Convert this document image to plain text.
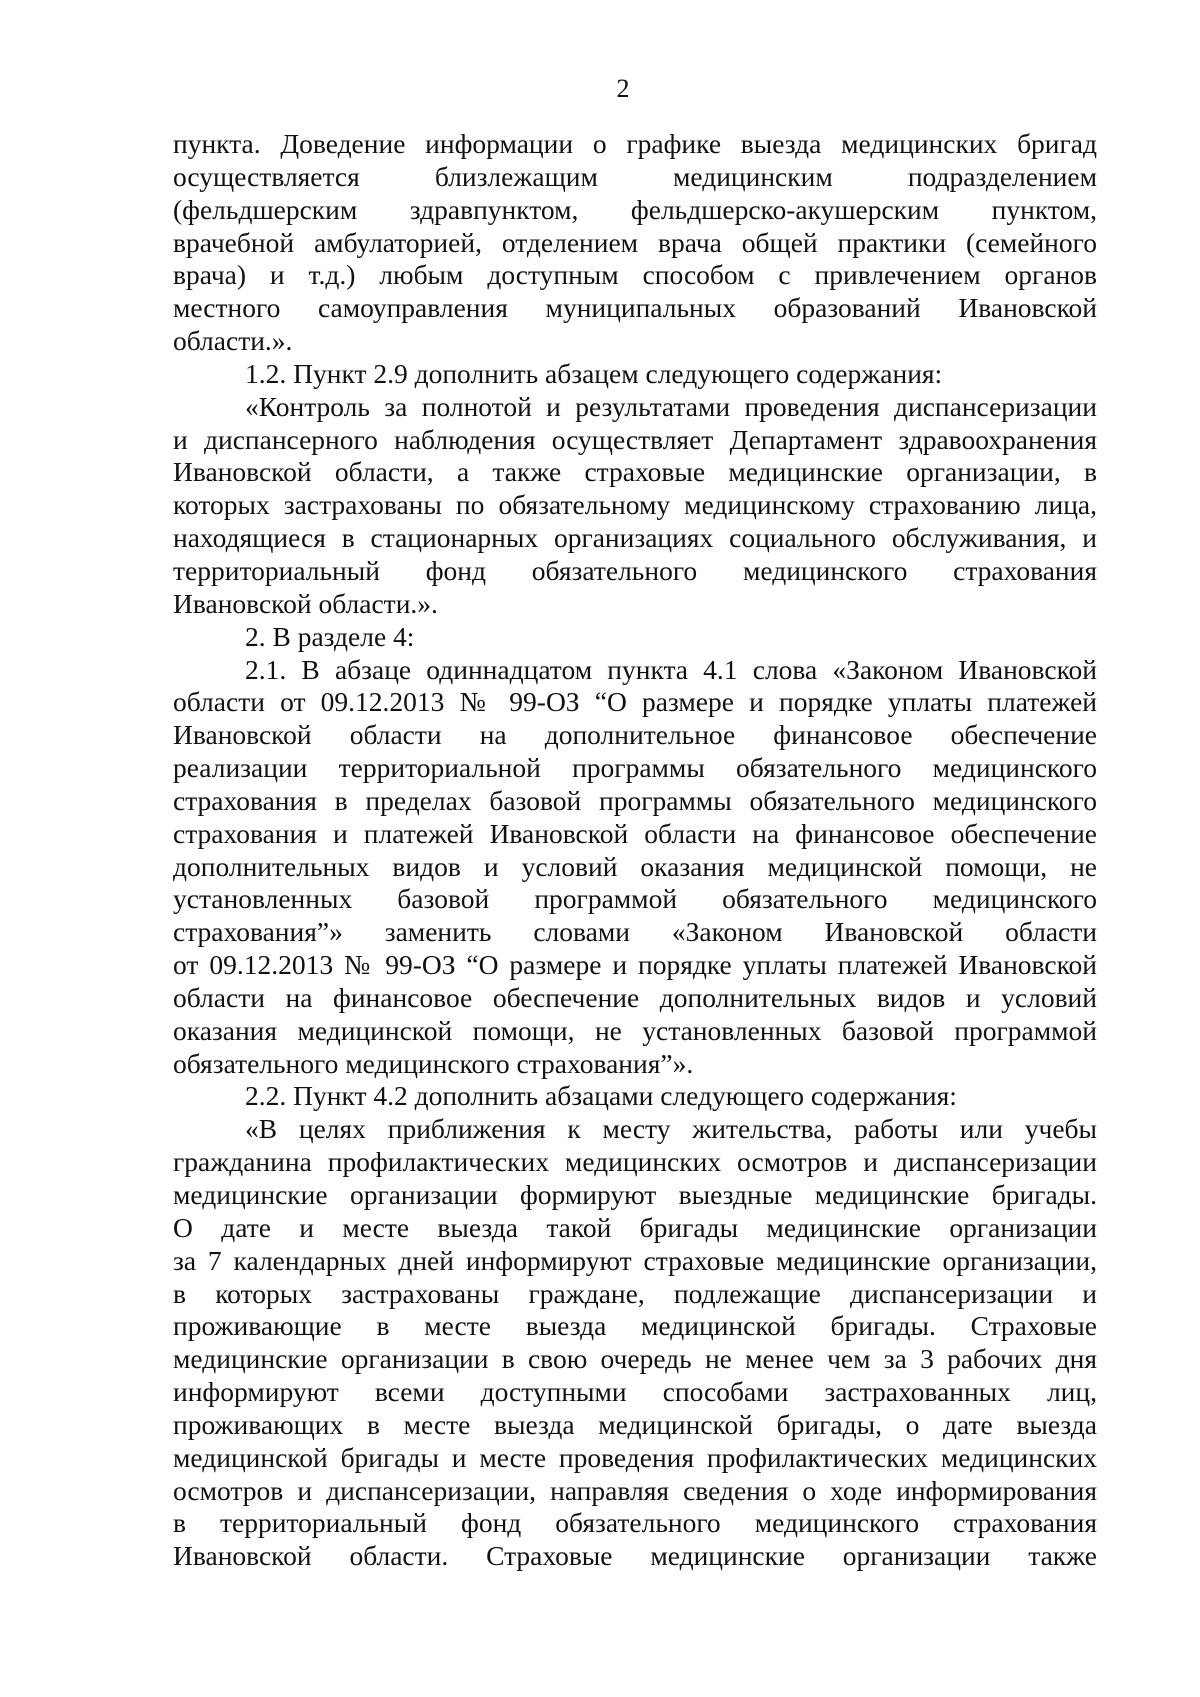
2
пункта. Доведение информации о графике выезда медицинских бригад
осуществляется близлежащим медицинским подразделением
(фельдшерским здравпунктом, фельдшерско-акушерским пунктом,
врачебной амбулаторией, отделением врача общей практики (семейного
врача) и т.д.) любым доступным способом с привлечением органов
местного самоуправления муниципальных образований Ивановской
области.».
1.2. Пункт 2.9 дополнить абзацем следующего содержания:
«Контроль за полнотой и результатами проведения диспансеризации
и диспансерного наблюдения осуществляет Департамент здравоохранения
Ивановской области, а также страховые медицинские организации, в
которых застрахованы по обязательному медицинскому страхованию лица,
находящиеся в стационарных организациях социального обслуживания, и
территориальный фонд обязательного медицинского страхования
Ивановской области.».
2. В разделе 4:
2.1. В абзаце одиннадцатом пункта 4.1 слова «Законом Ивановской
области от 09.12.2013 № 99-ОЗ “О размере и порядке уплаты платежей
Ивановской области на дополнительное финансовое обеспечение
реализации территориальной программы обязательного медицинского
страхования в пределах базовой программы обязательного медицинского
страхования и платежей Ивановской области на финансовое обеспечение
дополнительных видов и условий оказания медицинской помощи, не
установленных базовой программой обязательного медицинского
страхования”» заменить словами «Законом Ивановской области
от 09.12.2013 № 99-ОЗ “О размере и порядке уплаты платежей Ивановской
области на финансовое обеспечение дополнительных видов и условий
оказания медицинской помощи, не установленных базовой программой
обязательного медицинского страхования”».
2.2. Пункт 4.2 дополнить абзацами следующего содержания:
«В целях приближения к месту жительства, работы или учебы
гражданина профилактических медицинских осмотров и диспансеризации
медицинские организации формируют выездные медицинские бригады.
О дате и месте выезда такой бригады медицинские организации
за 7 календарных дней информируют страховые медицинские организации,
в которых застрахованы граждане, подлежащие диспансеризации и
проживающие в месте выезда медицинской бригады. Страховые
медицинские организации в свою очередь не менее чем за 3 рабочих дня
информируют всеми доступными способами застрахованных лиц,
проживающих в месте выезда медицинской бригады, о дате выезда
медицинской бригады и месте проведения профилактических медицинских
осмотров и диспансеризации, направляя сведения о ходе информирования
в территориальный фонд обязательного медицинского страхования
Ивановской области. Страховые медицинские организации также
